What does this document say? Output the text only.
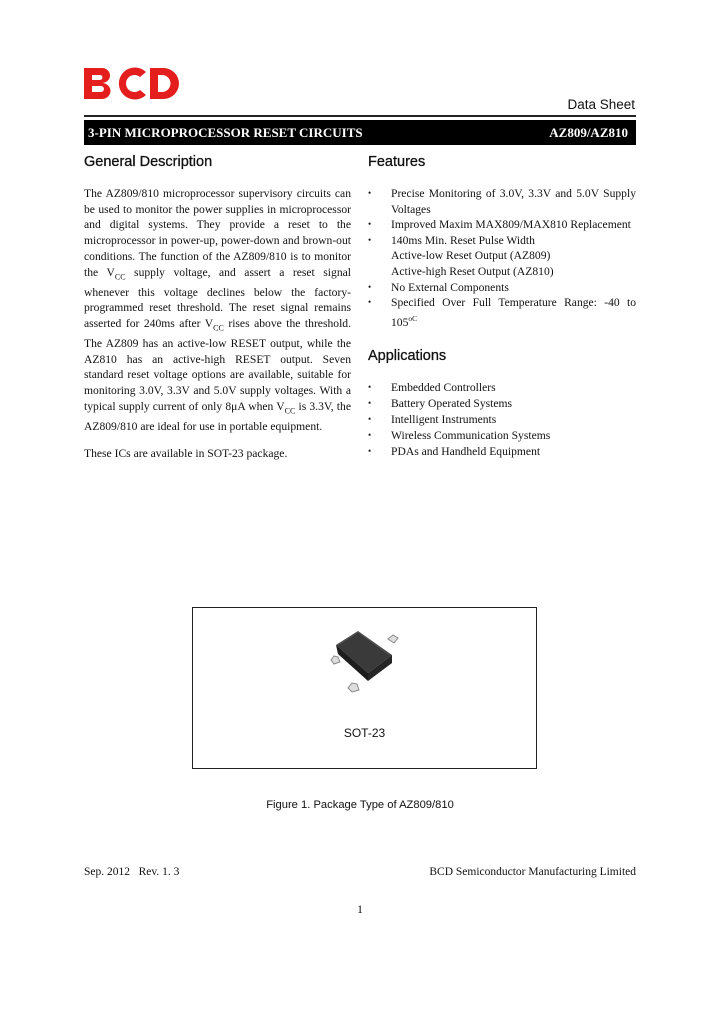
Data Sheet
3-PIN MICROPROCESSOR RESET CIRCUITS	AZ809/AZ810
General Description

The AZ809/810 microprocessor supervisory circuits can be used to monitor the power supplies in microprocessor and digital systems. They provide a reset to the microprocessor in power-up, power-down and brown-out conditions. The function of the AZ809/810 is to monitor the $V_{CC}$ supply voltage, and assert a reset signal whenever this voltage declines below the factory-programmed reset threshold. The reset signal remains asserted for 240ms after $V_{CC}$ rises above the threshold. The AZ809 has an active-low RESET output, while the AZ810 has an active-high RESET output. Seven standard reset voltage options are available, suitable for monitoring 3.0V, 3.3V and 5.0V supply voltages. With a typical supply current of only 8μA when $V_{CC}$ is 3.3V, the AZ809/810 are ideal for use in portable equipment.

These ICs are available in SOT-23 package.

Features
• Precise Monitoring of 3.0V, 3.3V and 5.0V Supply Voltages
• Improved Maxim MAX809/MAX810 Replacement
• 140ms Min. Reset Pulse Width
Active-low Reset Output (AZ809)
Active-high Reset Output (AZ810)
• No External Components
• Specified Over Full Temperature Range: -40 to $105^{oC}$
Applications
• Embedded Controllers
• Battery Operated Systems
• Intelligent Instruments
• Wireless Communication Systems
• PDAs and Handheld Equipment
SOT-23
Figure 1. Package Type of AZ809/810
Sep. 2012   Rev. 1. 3	BCD Semiconductor Manufacturing Limited
1
